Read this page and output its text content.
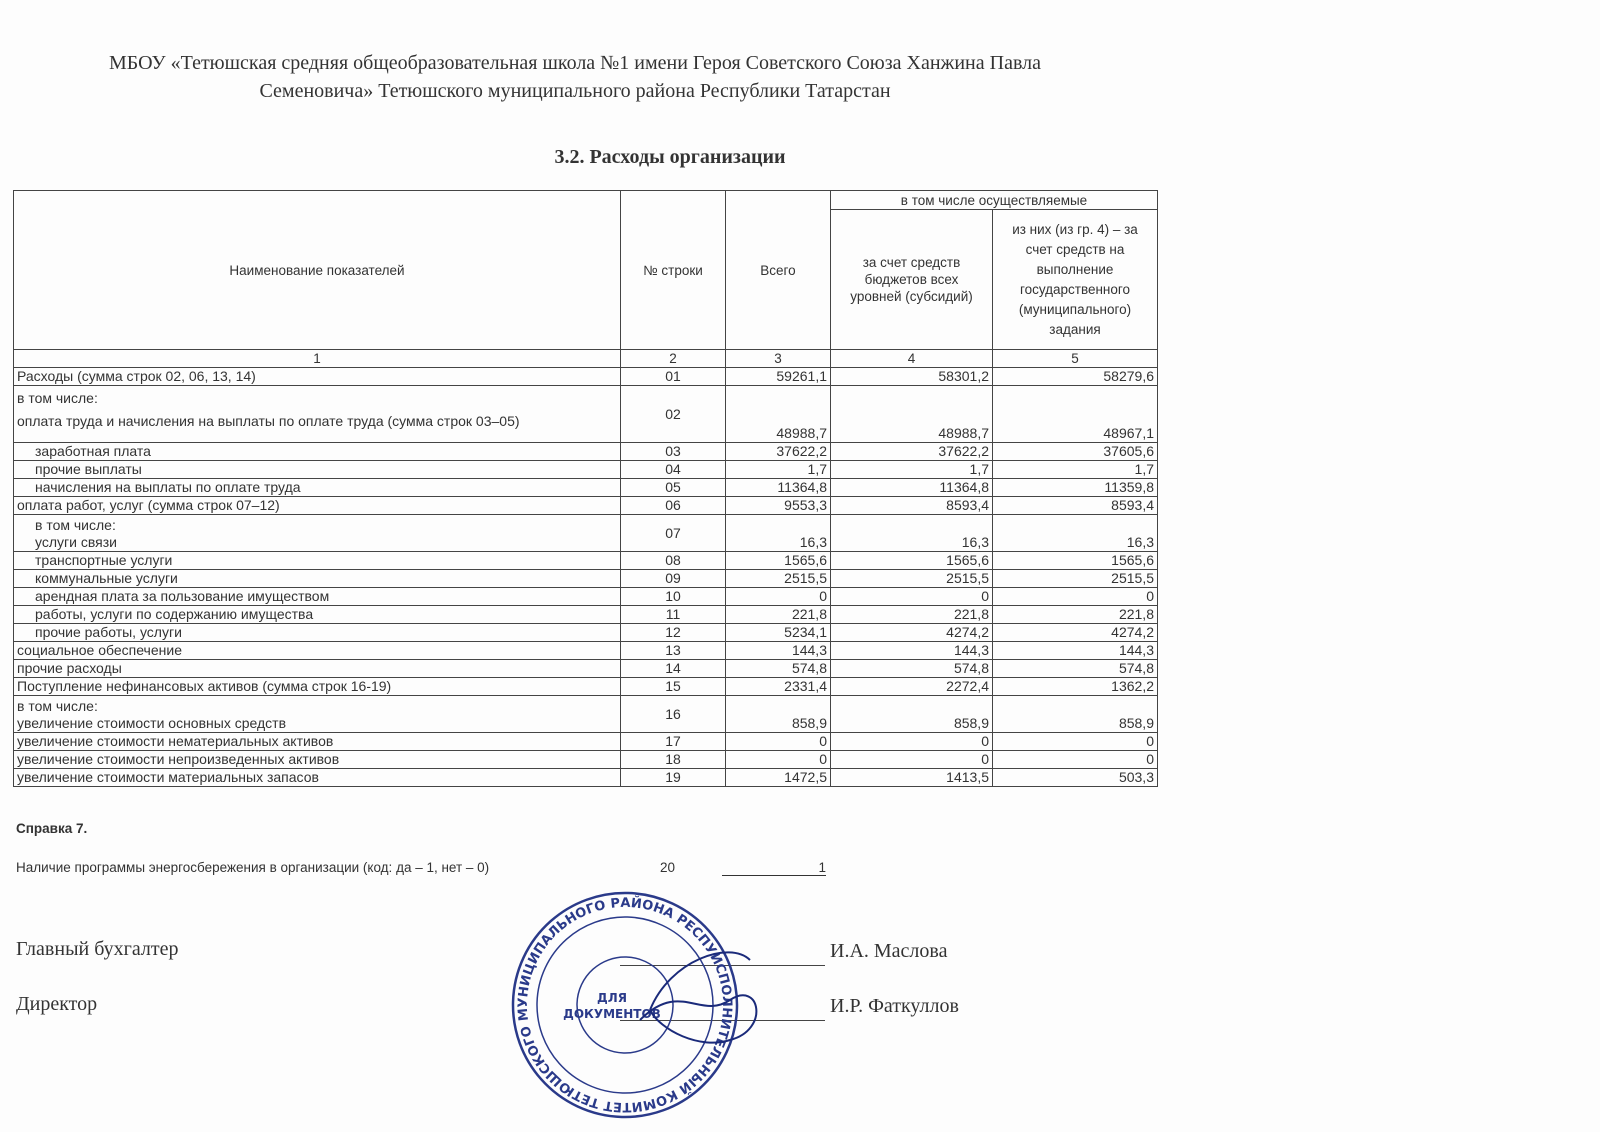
МБОУ «Тетюшская средняя общеобразовательная школа №1 имени Героя Советского Союза Ханжина Павла
Семеновича» Тетюшского муниципального района Республики Татарстан
3.2. Расходы организации
Наименование показателей	№ строки	Всего	в том числе осуществляемые	
			за счет средств бюджетов всех уровней (субсидий)	из них (из гр. 4) – за счет средств на выполнение государственного (муниципального) задания
1	2	3	4	5

Расходы (сумма строк 02, 06, 13, 14)	01	59261,1	58301,2	58279,6

в том числе:
оплата труда и начисления на выплаты по оплате труда (сумма строк 03–05)	02	48988,7	48988,7	48967,1

заработная плата	03	37622,2	37622,2	37605,6

прочие выплаты	04	1,7	1,7	1,7

начисления на выплаты по оплате труда	05	11364,8	11364,8	11359,8

оплата работ, услуг (сумма строк 07–12)	06	9553,3	8593,4	8593,4

в том числе:
услуги связи	07	16,3	16,3	16,3

транспортные услуги	08	1565,6	1565,6	1565,6

коммунальные услуги	09	2515,5	2515,5	2515,5

арендная плата за пользование имуществом	10	0	0	0

работы, услуги по содержанию имущества	11	221,8	221,8	221,8

прочие работы, услуги	12	5234,1	4274,2	4274,2

социальное обеспечение	13	144,3	144,3	144,3

прочие расходы	14	574,8	574,8	574,8

Поступление нефинансовых активов (сумма строк 16-19)	15	2331,4	2272,4	1362,2

в том числе:
увеличение стоимости основных средств	16	858,9	858,9	858,9

увеличение стоимости нематериальных активов	17	0	0	0

увеличение стоимости непроизведенных активов	18	0	0	0

увеличение стоимости материальных запасов	19	1472,5	1413,5	503,3
Справка 7.
Наличие программы энергосбережения в организации (код: да – 1, нет – 0)	20	1
Главный бухгалтер	И.А. Маслова
Директор	И.Р. Фаткуллов
ИСПОЛНИТЕЛЬНЫЙ КОМИТЕТ ТЕТЮШСКОГО МУНИЦИПАЛЬНОГО РАЙОНА РЕСПУБЛИКИ
ДЛЯ
ДОКУМЕНТОВ
